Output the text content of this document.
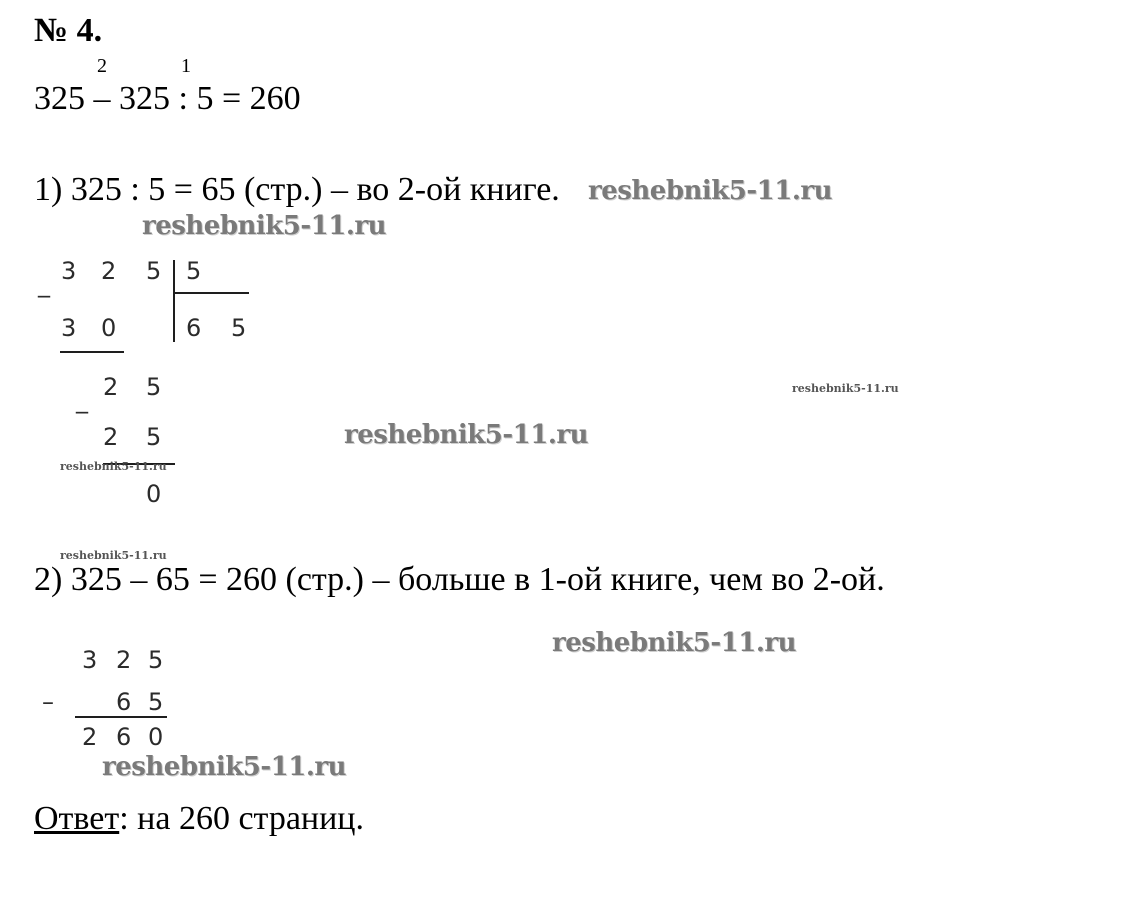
№ 4.
2	1
325 – 325 : 5 = 260
1) 325 : 5 = 65 (стр.) – во 2-ой книге.
2) 325 – 65 = 260 (стр.) – больше в 1-ой книге, чем во 2-ой.
Ответ: на 260 страниц.
_ 3 2 5 5
3 0	6 5
_ 2 5
2 5
0
3 2 5
–	6 5
2 6 0
reshebnik5-11.ru
reshebnik5-11.ru
reshebnik5-11.ru
reshebnik5-11.ru
reshebnik5-11.ru
reshebnik5-11.ru
reshebnik5-11.ru
reshebnik5-11.ru
